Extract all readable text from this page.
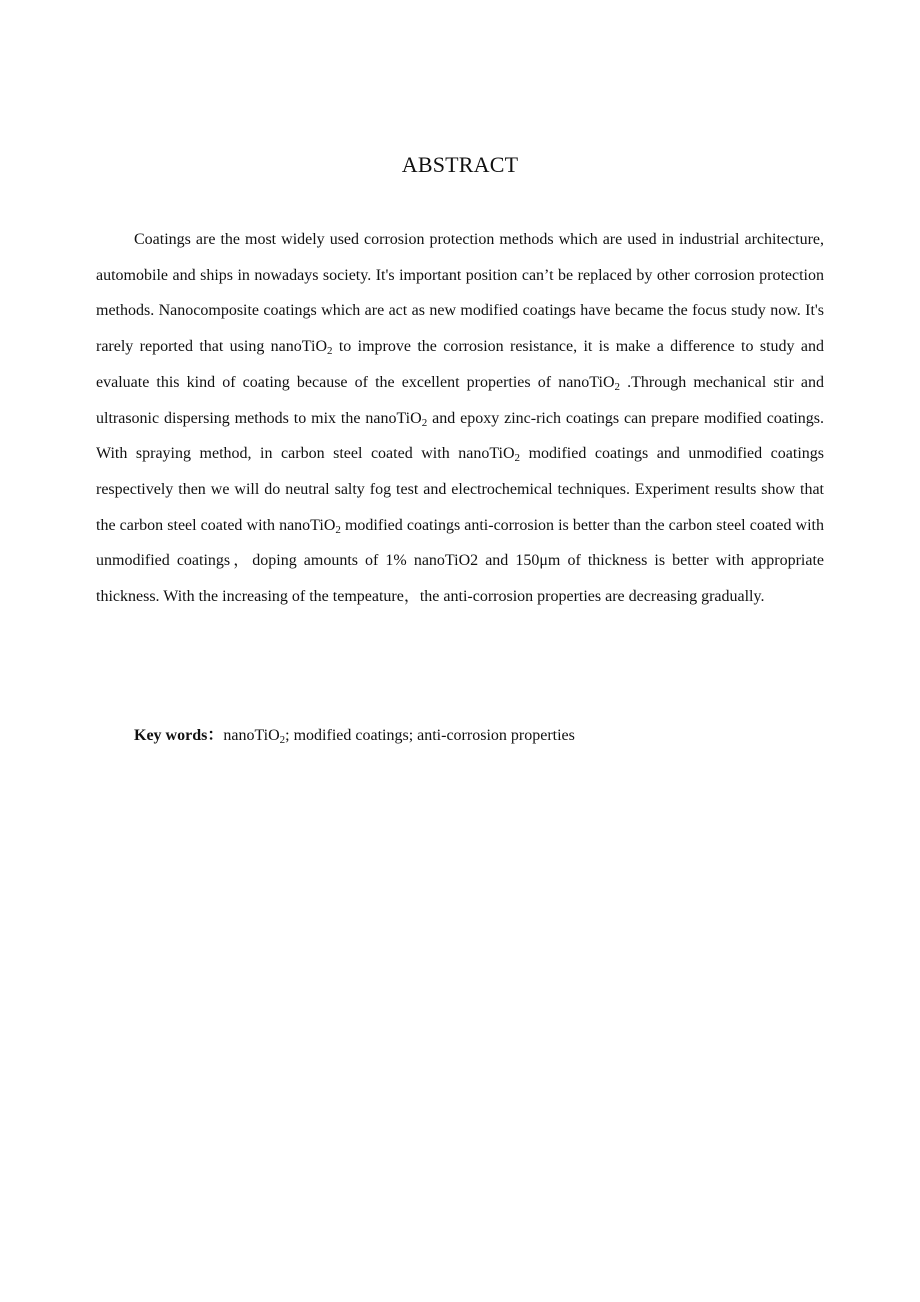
ABSTRACT

Coatings are the most widely used corrosion protection methods which are used in industrial architecture, automobile and ships in nowadays society. It's important position can’t be replaced by other corrosion protection methods. Nanocomposite coatings which are act as new modified coatings have became the focus study now. It's rarely reported that using nanoTiO$_2$ to improve the corrosion resistance, it is make a difference to study and evaluate this kind of coating because of the excellent properties of nanoTiO$_2$ .Through mechanical stir and ultrasonic dispersing methods to mix the nanoTiO$_2$ and epoxy zinc-rich coatings can prepare modified coatings. With spraying method, in carbon steel coated with nanoTiO$_2$ modified coatings and unmodified coatings respectively then we will do neutral salty fog test and electrochemical techniques. Experiment results show that the carbon steel coated with nanoTiO$_2$ modified coatings anti-corrosion is better than the carbon steel coated with unmodified coatings，doping amounts of 1% nanoTiO2 and 150μm of thickness is better with appropriate thickness. With the increasing of the tempeature，the anti-corrosion properties are decreasing gradually.

Key words：nanoTiO$_2$; modified coatings; anti-corrosion properties
